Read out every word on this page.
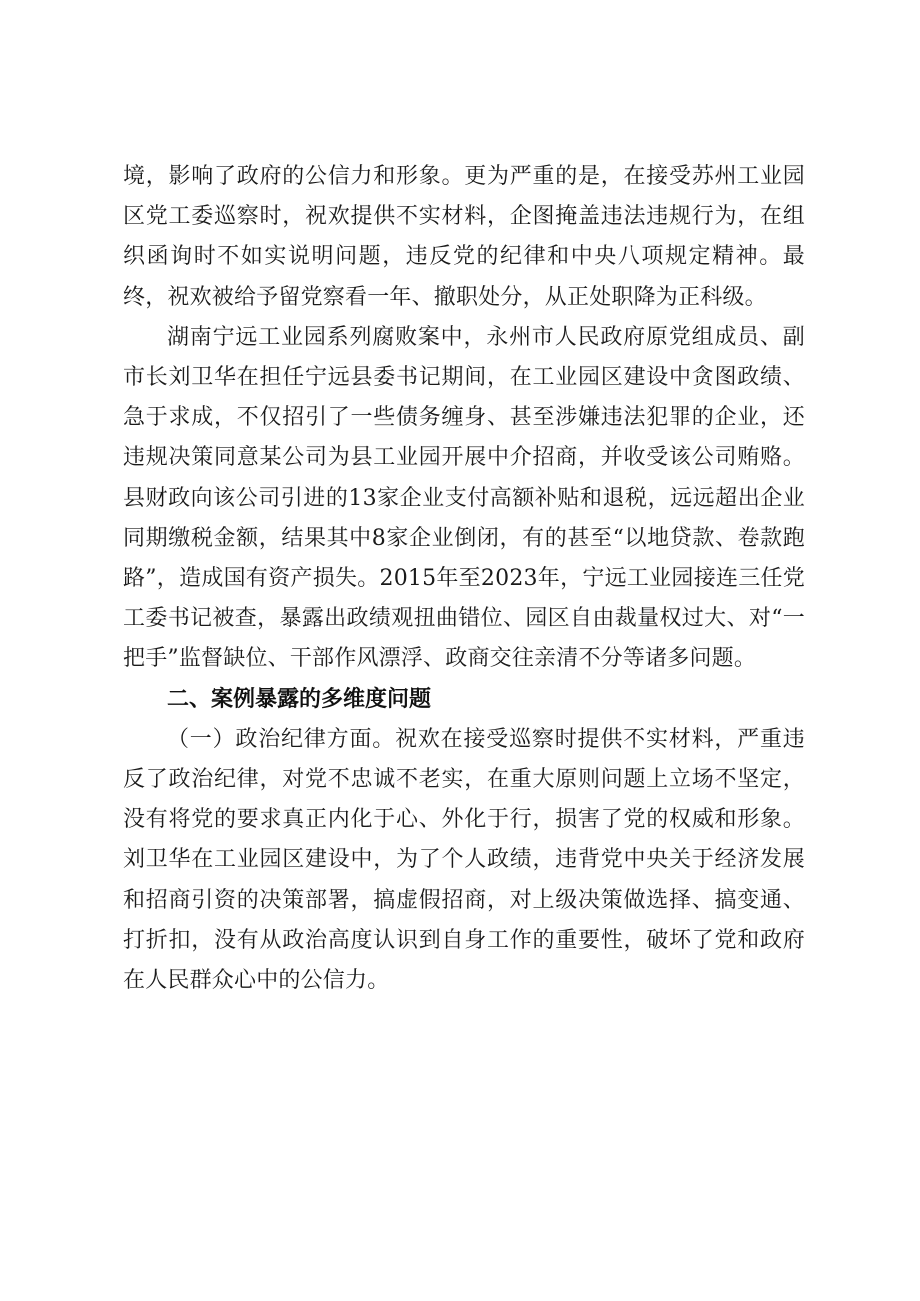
境，影响了政府的公信力和形象。更为严重的是，在接受苏州工业园区党工委巡察时，祝欢提供不实材料，企图掩盖违法违规行为，在组织函询时不如实说明问题，违反党的纪律和中央八项规定精神。最终，祝欢被给予留党察看一年、撤职处分，从正处职降为正科级。

湖南宁远工业园系列腐败案中，永州市人民政府原党组成员、副市长刘卫华在担任宁远县委书记期间，在工业园区建设中贪图政绩、急于求成，不仅招引了一些债务缠身、甚至涉嫌违法犯罪的企业，还违规决策同意某公司为县工业园开展中介招商，并收受该公司贿赂。县财政向该公司引进的13家企业支付高额补贴和退税，远远超出企业同期缴税金额，结果其中8家企业倒闭，有的甚至“以地贷款、卷款跑路”，造成国有资产损失。2015年至2023年，宁远工业园接连三任党工委书记被查，暴露出政绩观扭曲错位、园区自由裁量权过大、对“一把手”监督缺位、干部作风漂浮、政商交往亲清不分等诸多问题。

二、案例暴露的多维度问题

（一）政治纪律方面。祝欢在接受巡察时提供不实材料，严重违反了政治纪律，对党不忠诚不老实，在重大原则问题上立场不坚定，没有将党的要求真正内化于心、外化于行，损害了党的权威和形象。刘卫华在工业园区建设中，为了个人政绩，违背党中央关于经济发展和招商引资的决策部署，搞虚假招商，对上级决策做选择、搞变通、打折扣，没有从政治高度认识到自身工作的重要性，破坏了党和政府在人民群众心中的公信力。
